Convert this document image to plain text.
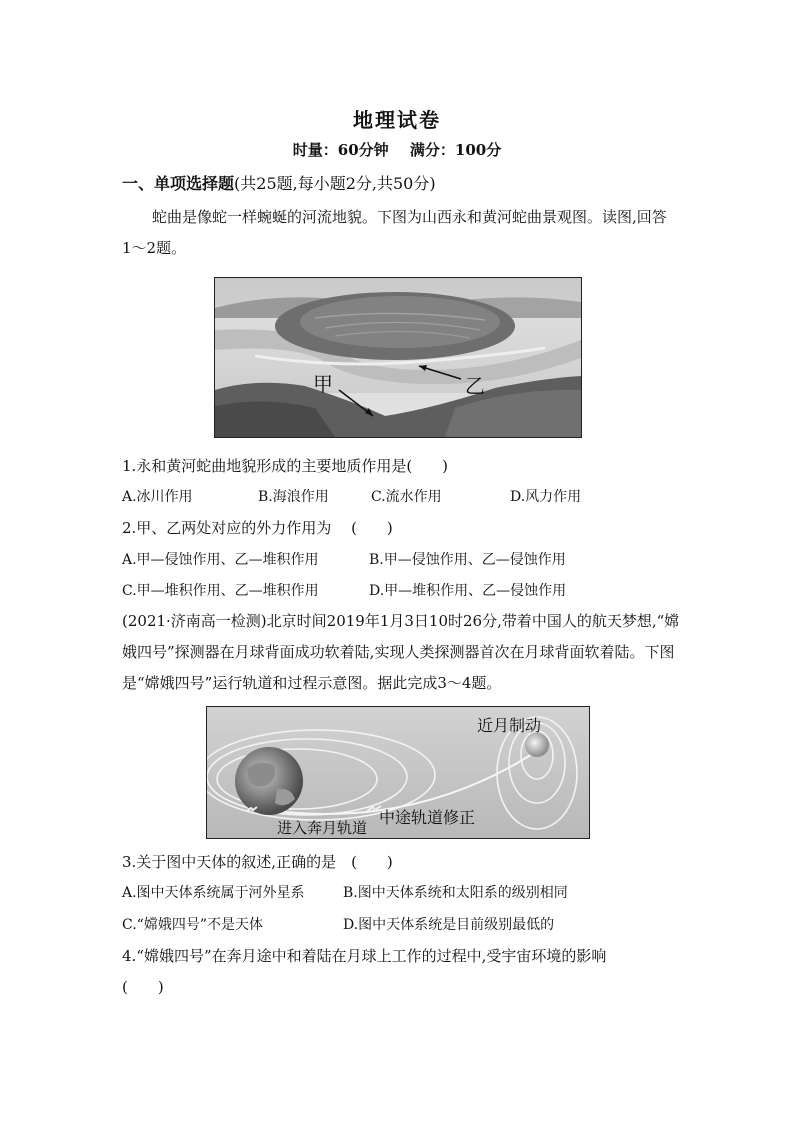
地理试卷
时量：60分钟 满分：100分
一、单项选择题(共25题,每小题2分,共50分)
蛇曲是像蛇一样蜿蜒的河流地貌。下图为山西永和黄河蛇曲景观图。读图,回答1～2题。
甲	乙
1.永和黄河蛇曲地貌形成的主要地质作用是(　　)
A.冰川作用	B.海浪作用	C.流水作用	D.风力作用
2.甲、乙两处对应的外力作用为　 (　　)
A.甲—侵蚀作用、乙—堆积作用	B.甲—侵蚀作用、乙—侵蚀作用
C.甲—堆积作用、乙—堆积作用	D.甲—堆积作用、乙—侵蚀作用
(2021·济南高一检测)北京时间2019年1月3日10时26分,带着中国人的航天梦想,“嫦娥四号”探测器在月球背面成功软着陆,实现人类探测器首次在月球背面软着陆。下图是“嫦娥四号”运行轨道和过程示意图。据此完成3～4题。
近月制动
中途轨道修正
进入奔月轨道
3.关于图中天体的叙述,正确的是　(　　)
A.图中天体系统属于河外星系	B.图中天体系统和太阳系的级别相同
C.“嫦娥四号”不是天体	D.图中天体系统是目前级别最低的
4.“嫦娥四号”在奔月途中和着陆在月球上工作的过程中,受宇宙环境的影响
(　　)
